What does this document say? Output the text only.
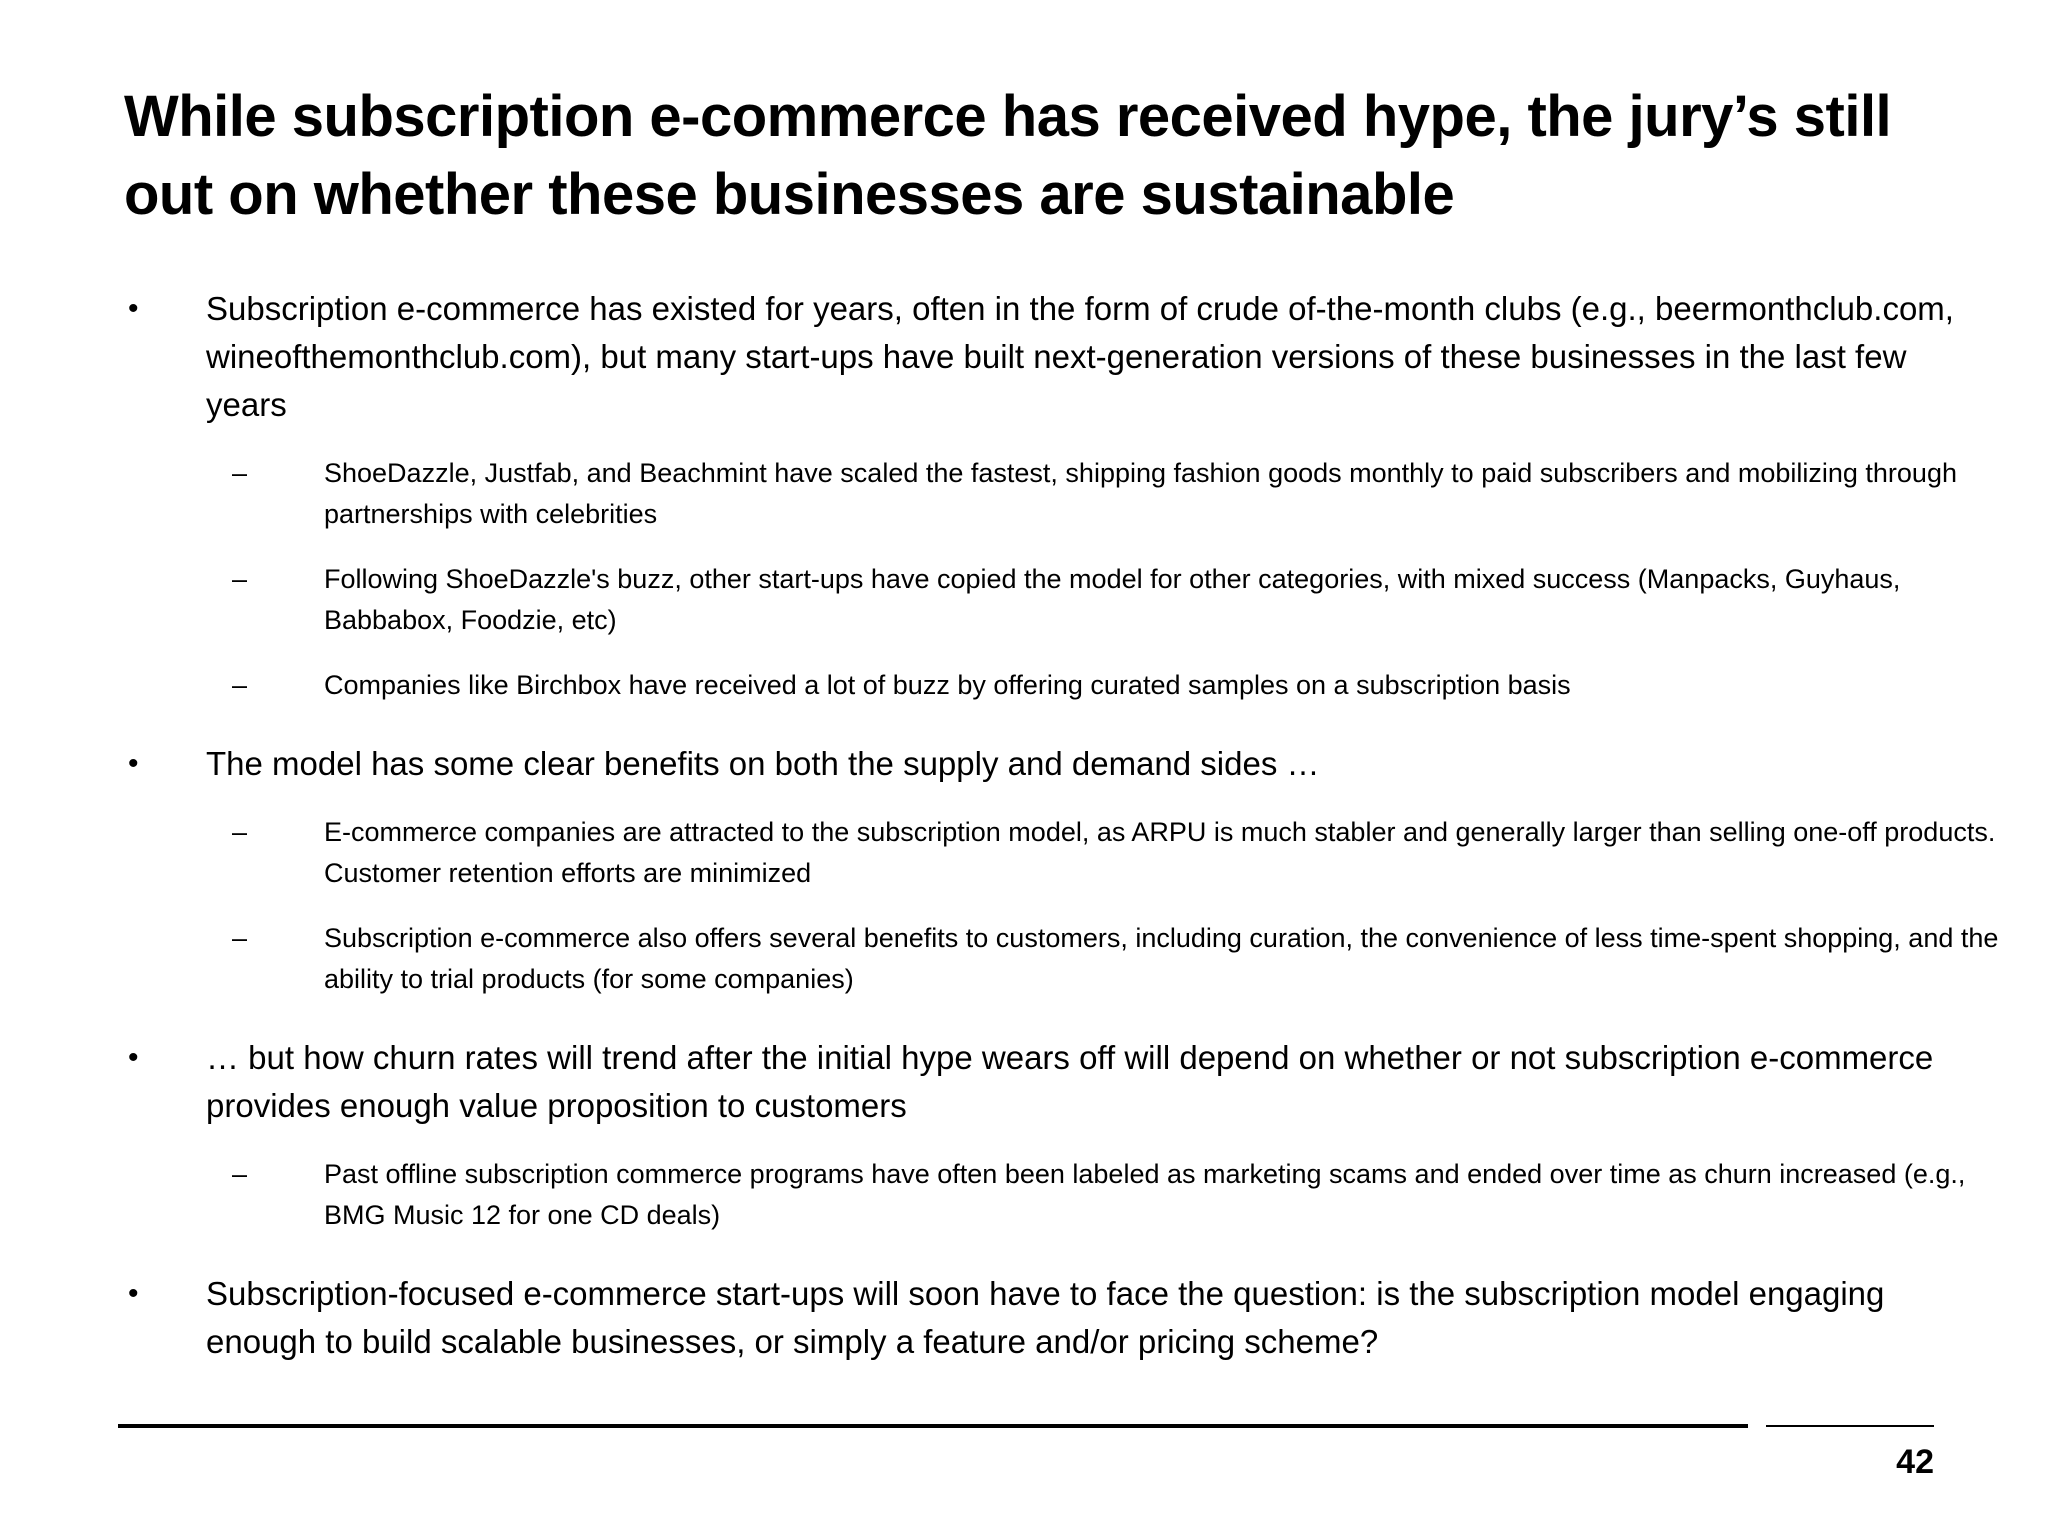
While subscription e-commerce has received hype, the jury’s still out on whether these businesses are sustainable
•	Subscription e-commerce has existed for years, often in the form of crude of-the-month clubs (e.g., beermonthclub.com, wineofthemonthclub.com), but many start-ups have built next-generation versions of these businesses in the last few years
–	ShoeDazzle, Justfab, and Beachmint have scaled the fastest, shipping fashion goods monthly to paid subscribers and mobilizing through partnerships with celebrities
–	Following ShoeDazzle's buzz, other start-ups have copied the model for other categories, with mixed success (Manpacks, Guyhaus, Babbabox, Foodzie, etc)
–	Companies like Birchbox have received a lot of buzz by offering curated samples on a subscription basis
•	The model has some clear benefits on both the supply and demand sides …
–	E-commerce companies are attracted to the subscription model, as ARPU is much stabler and generally larger than selling one-off products. Customer retention efforts are minimized
–	Subscription e-commerce also offers several benefits to customers, including curation, the convenience of less time-spent shopping, and the ability to trial products (for some companies)
•	… but how churn rates will trend after the initial hype wears off will depend on whether or not subscription e-commerce provides enough value proposition to customers
–	Past offline subscription commerce programs have often been labeled as marketing scams and ended over time as churn increased (e.g., BMG Music 12 for one CD deals)
•	Subscription-focused e-commerce start-ups will soon have to face the question: is the subscription model engaging enough to build scalable businesses, or simply a feature and/or pricing scheme?
42
